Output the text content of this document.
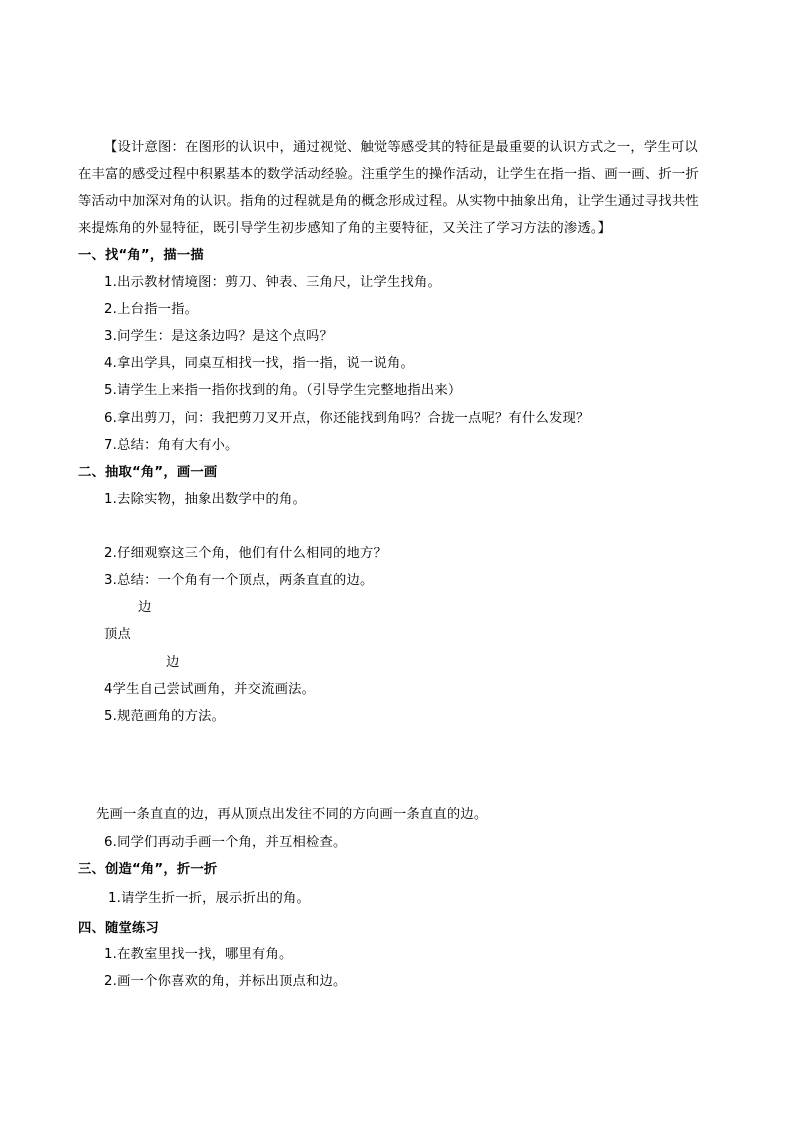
【设计意图：在图形的认识中，通过视觉、触觉等感受其的特征是最重要的认识方式之一，学生可以
在丰富的感受过程中积累基本的数学活动经验。注重学生的操作活动，让学生在指一指、画一画、折一折
等活动中加深对角的认识。指角的过程就是角的概念形成过程。从实物中抽象出角，让学生通过寻找共性
来提炼角的外显特征，既引导学生初步感知了角的主要特征，又关注了学习方法的渗透。】
一、找“角”，描一描
1.出示教材情境图：剪刀、钟表、三角尺，让学生找角。
2.上台指一指。
3.问学生：是这条边吗？是这个点吗？
4.拿出学具，同桌互相找一找，指一指，说一说角。
5.请学生上来指一指你找到的角。（引导学生完整地指出来）
6.拿出剪刀，问：我把剪刀叉开点，你还能找到角吗？合拢一点呢？有什么发现？
7.总结：角有大有小。
二、抽取“角”，画一画
1.去除实物，抽象出数学中的角。
2.仔细观察这三个角，他们有什么相同的地方？
3.总结：一个角有一个顶点，两条直直的边。
边
顶点
边
4学生自己尝试画角，并交流画法。
5.规范画角的方法。
先画一条直直的边，再从顶点出发往不同的方向画一条直直的边。
6.同学们再动手画一个角，并互相检查。
三、创造“角”，折一折
1.请学生折一折，展示折出的角。
四、随堂练习
1.在教室里找一找，哪里有角。
2.画一个你喜欢的角，并标出顶点和边。
